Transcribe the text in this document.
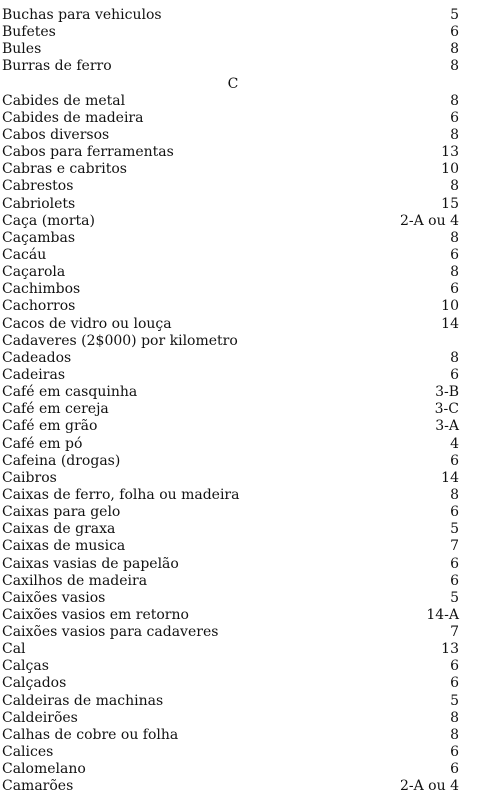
Buchas para vehiculos	5
Bufetes	6
Bules	8
Burras de ferro	8
C
Cabides de metal	8
Cabides de madeira	6
Cabos diversos	8
Cabos para ferramentas	13
Cabras e cabritos	10
Cabrestos	8
Cabriolets	15
Caça (morta)	2-A ou 4
Caçambas	8
Cacáu	6
Caçarola	8
Cachimbos	6
Cachorros	10
Cacos de vidro ou louça	14
Cadaveres (2$000) por kilometro
Cadeados	8
Cadeiras	6
Café em casquinha	3-B
Café em cereja	3-C
Café em grão	3-A
Café em pó	4
Cafeina (drogas)	6
Caibros	14
Caixas de ferro, folha ou madeira	8
Caixas para gelo	6
Caixas de graxa	5
Caixas de musica	7
Caixas vasias de papelão	6
Caxilhos de madeira	6
Caixões vasios	5
Caixões vasios em retorno	14-A
Caixões vasios para cadaveres	7
Cal	13
Calças	6
Calçados	6
Caldeiras de machinas	5
Caldeirões	8
Calhas de cobre ou folha	8
Calices	6
Calomelano	6
Camarões	2-A ou 4
